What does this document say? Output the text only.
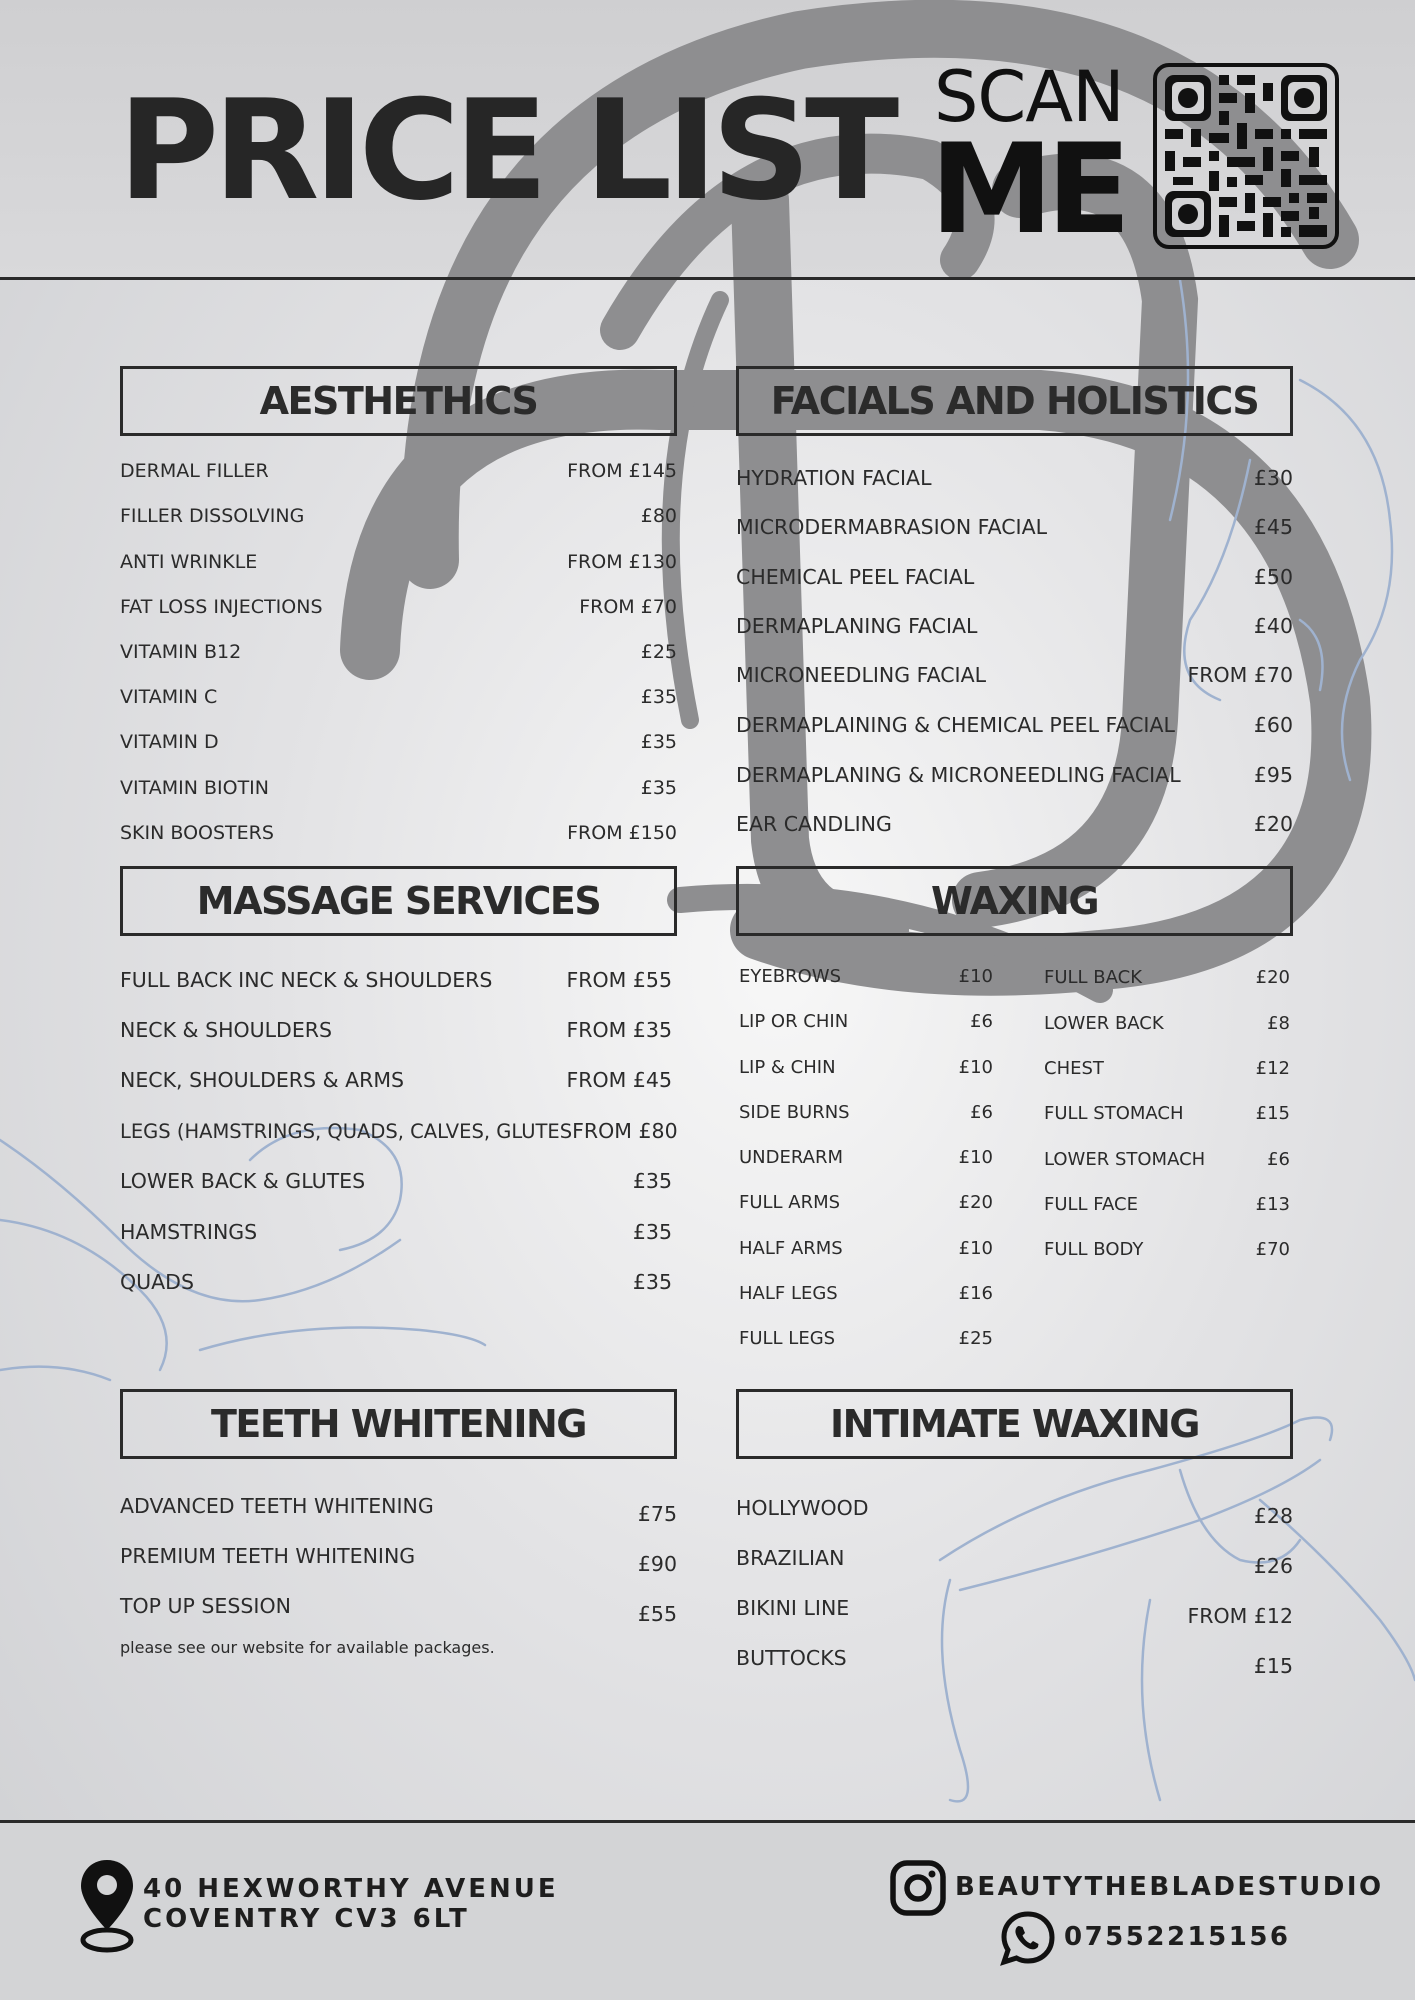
PRICE LIST SCAN
ME
AESTHETHICS
DERMAL FILLER	FROM £145
FILLER DISSOLVING	£80
ANTI WRINKLE	FROM £130
FAT LOSS INJECTIONS	FROM £70
VITAMIN B12	£25
VITAMIN C	£35
VITAMIN D	£35
VITAMIN BIOTIN	£35
SKIN BOOSTERS	FROM £150
FACIALS AND HOLISTICS
HYDRATION FACIAL	£30
MICRODERMABRASION FACIAL	£45
CHEMICAL PEEL FACIAL	£50
DERMAPLANING FACIAL	£40
MICRONEEDLING FACIAL	FROM £70
DERMAPLAINING & CHEMICAL PEEL FACIAL	£60
DERMAPLANING & MICRONEEDLING FACIAL	£95
EAR CANDLING	£20
MASSAGE SERVICES
FULL BACK INC NECK & SHOULDERS	FROM £55
NECK & SHOULDERS	FROM £35
NECK, SHOULDERS & ARMS	FROM £45
LEGS (HAMSTRINGS, QUADS, CALVES, GLUTES FROM £80
LOWER BACK & GLUTES	£35
HAMSTRINGS	£35
QUADS	£35
WAXING
EYEBROWS	£10
LIP OR CHIN	£6
LIP & CHIN	£10
SIDE BURNS	£6
UNDERARM	£10
FULL ARMS	£20
HALF ARMS	£10
HALF LEGS	£16
FULL LEGS	£25
FULL BACK	£20
LOWER BACK	£8
CHEST	£12
FULL STOMACH	£15
LOWER STOMACH	£6
FULL FACE	£13
FULL BODY	£70
TEETH WHITENING
ADVANCED TEETH WHITENING	£75
PREMIUM TEETH WHITENING	£90
TOP UP SESSION	£55
please see our website for available packages.
INTIMATE WAXING
HOLLYWOOD	£28
BRAZILIAN	£26
BIKINI LINE	FROM £12
BUTTOCKS	£15
40 HEXWORTHY AVENUE
COVENTRY CV3 6LT
BEAUTYTHEBLADESTUDIO
07552215156
